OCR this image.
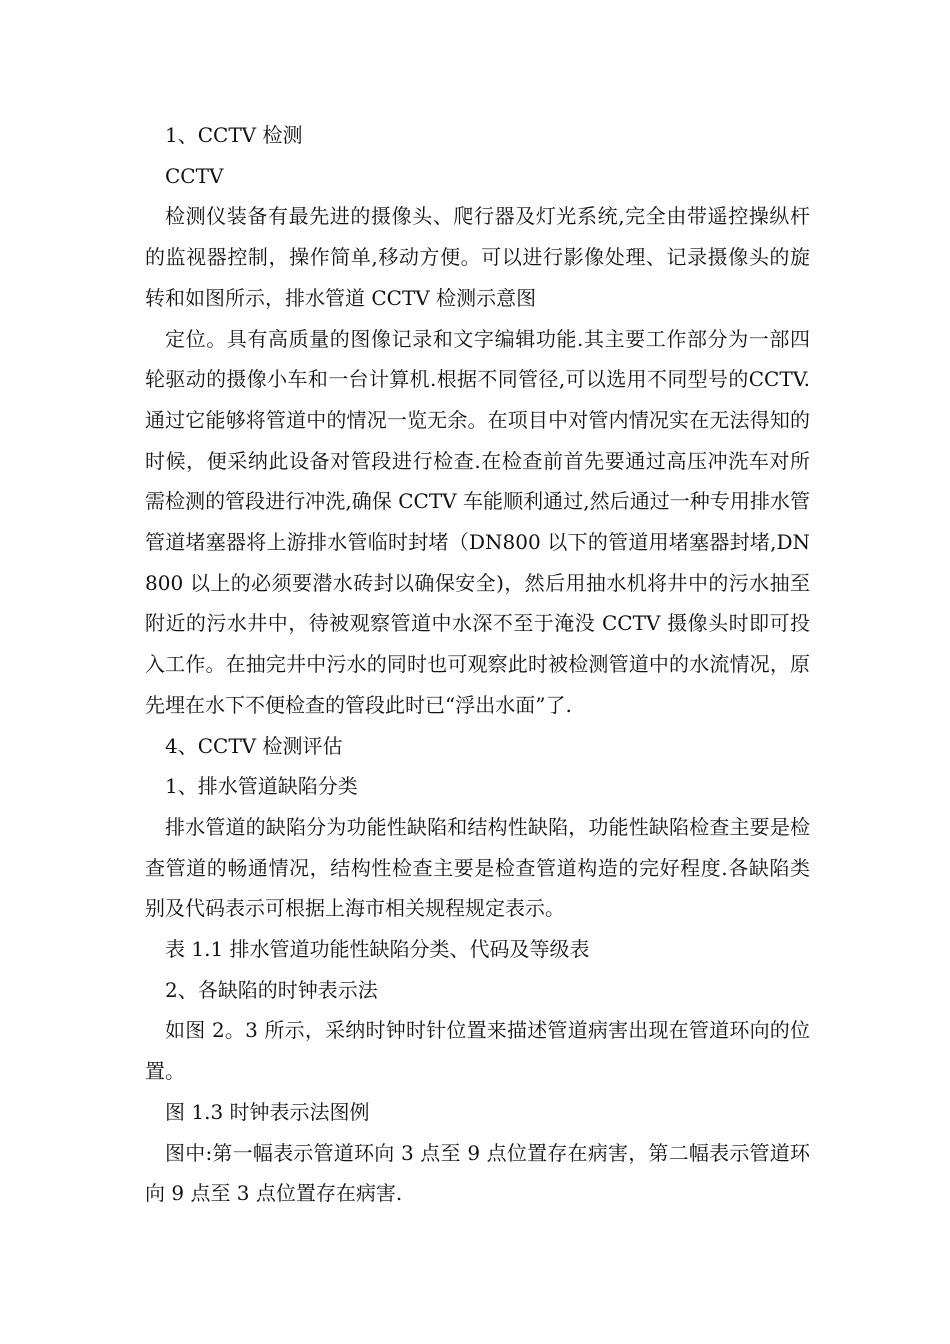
1、CCTV 检测

CCTV

检测仪装备有最先进的摄像头、爬行器及灯光系统,完全由带遥控操纵杆的监视器控制，操作简单,移动方便。可以进行影像处理、记录摄像头的旋转和如图所示，排水管道 CCTV 检测示意图

定位。具有高质量的图像记录和文字编辑功能.其主要工作部分为一部四轮驱动的摄像小车和一台计算机.根据不同管径,可以选用不同型号的CCTV.通过它能够将管道中的情况一览无余。在项目中对管内情况实在无法得知的时候，便采纳此设备对管段进行检查.在检查前首先要通过高压冲洗车对所需检测的管段进行冲洗,确保 CCTV 车能顺利通过,然后通过一种专用排水管管道堵塞器将上游排水管临时封堵（DN800 以下的管道用堵塞器封堵,DN800 以上的必须要潜水砖封以确保安全)，然后用抽水机将井中的污水抽至附近的污水井中，待被观察管道中水深不至于淹没 CCTV 摄像头时即可投入工作。在抽完井中污水的同时也可观察此时被检测管道中的水流情况，原先埋在水下不便检查的管段此时已“浮出水面”了.

4、CCTV 检测评估

1、排水管道缺陷分类

排水管道的缺陷分为功能性缺陷和结构性缺陷，功能性缺陷检查主要是检查管道的畅通情况，结构性检查主要是检查管道构造的完好程度.各缺陷类别及代码表示可根据上海市相关规程规定表示。

表 1.1 排水管道功能性缺陷分类、代码及等级表

2、各缺陷的时钟表示法

如图 2。3 所示，采纳时钟时针位置来描述管道病害出现在管道环向的位置。

图 1.3 时钟表示法图例

图中:第一幅表示管道环向 3 点至 9 点位置存在病害，第二幅表示管道环向 9 点至 3 点位置存在病害.
